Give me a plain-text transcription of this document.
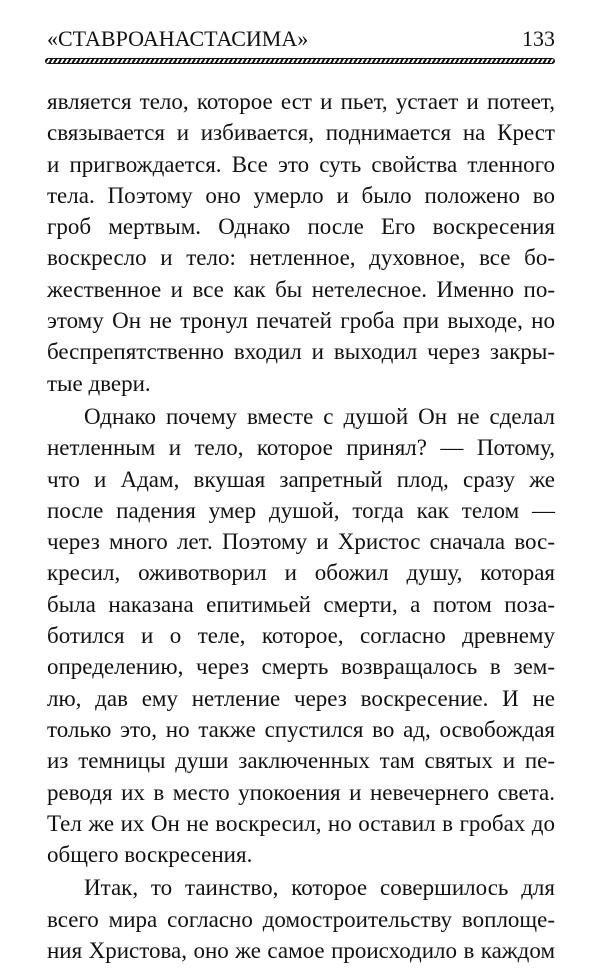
«СТАВРОАНАСТАСИМА»	133
является тело, которое ест и пьет, устает и потеет,
связывается и избивается, поднимается на Крест
и пригвождается. Все это суть свойства тленного
тела. Поэтому оно умерло и было положено во
гроб мертвым. Однако после Его воскресения
воскресло и тело: нетленное, духовное, все бо-
жественное и все как бы нетелесное. Именно по-
этому Он не тронул печатей гроба при выходе, но
беспрепятственно входил и выходил через закры-
тые двери.
Однако почему вместе с душой Он не сделал
нетленным и тело, которое принял? — Потому,
что и Адам, вкушая запретный плод, сразу же
после падения умер душой, тогда как телом —
через много лет. Поэтому и Христос сначала вос-
кресил, оживотворил и обожил душу, которая
была наказана епитимьей смерти, а потом поза-
ботился и о теле, которое, согласно древнему
определению, через смерть возвращалось в зем-
лю, дав ему нетление через воскресение. И не
только это, но также спустился во ад, освобождая
из темницы души заключенных там святых и пе-
реводя их в место упокоения и невечернего света.
Тел же их Он не воскресил, но оставил в гробах до
общего воскресения.
Итак, то таинство, которое совершилось для
всего мира согласно домостроительству воплоще-
ния Христова, оно же самое происходило в каждом
